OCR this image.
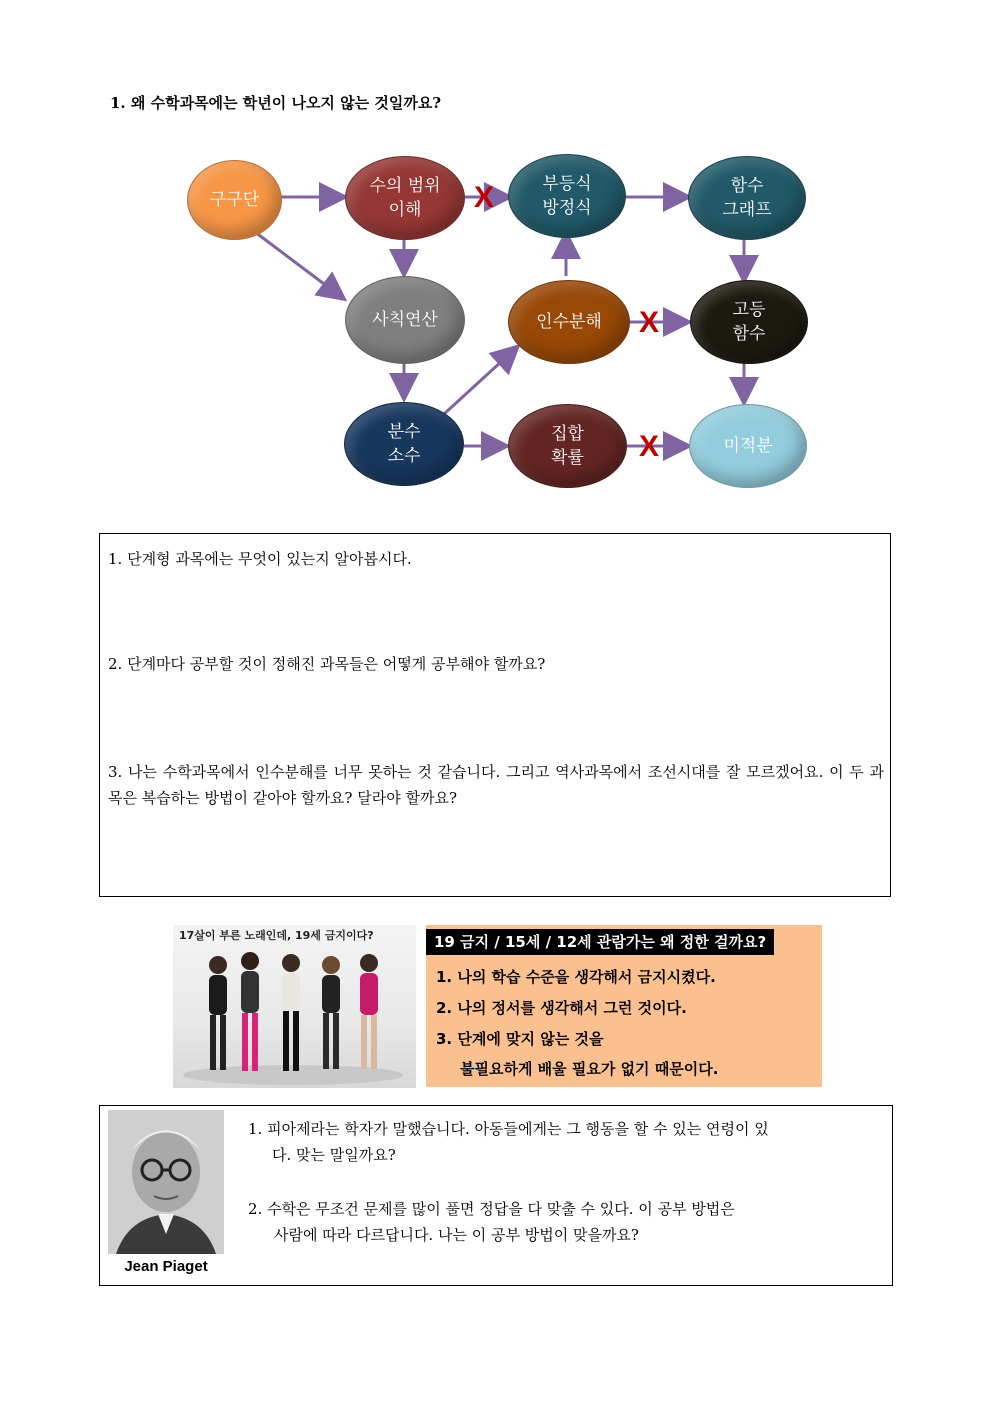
1. 왜 수학과목에는 학년이 나오지 않는 것일까요?
구구단
수의 범위
이해
부등식
방정식
함수
그래프
사칙연산	인수분해
고등
함수
분수
소수
집합
확률
미적분
X
X
X
1. 단계형 과목에는 무엇이 있는지 알아봅시다.
2. 단계마다 공부할 것이 정해진 과목들은 어떻게 공부해야 할까요?
3. 나는 수학과목에서 인수분해를 너무 못하는 것 같습니다. 그리고 역사과목에서 조선시대를 잘 모르겠어요. 이 두 과목은 복습하는 방법이 같아야 할까요? 달라야 할까요?
17살이 부른 노래인데, 19세 금지이다?	19 금지 / 15세 / 12세 관람가는 왜 정한 걸까요?
1. 나의 학습 수준을 생각해서 금지시켰다.
2. 나의 정서를 생각해서 그런 것이다.
3. 단계에 맞지 않는 것을
불필요하게 배울 필요가 없기 때문이다.
Jean Piaget
1. 피아제라는 학자가 말했습니다. 아동들에게는 그 행동을 할 수 있는 연령이 있
다. 맞는 말일까요?
2. 수학은 무조건 문제를 많이 풀면 정답을 다 맞출 수 있다. 이 공부 방법은
사람에 따라 다르답니다. 나는 이 공부 방법이 맞을까요?
